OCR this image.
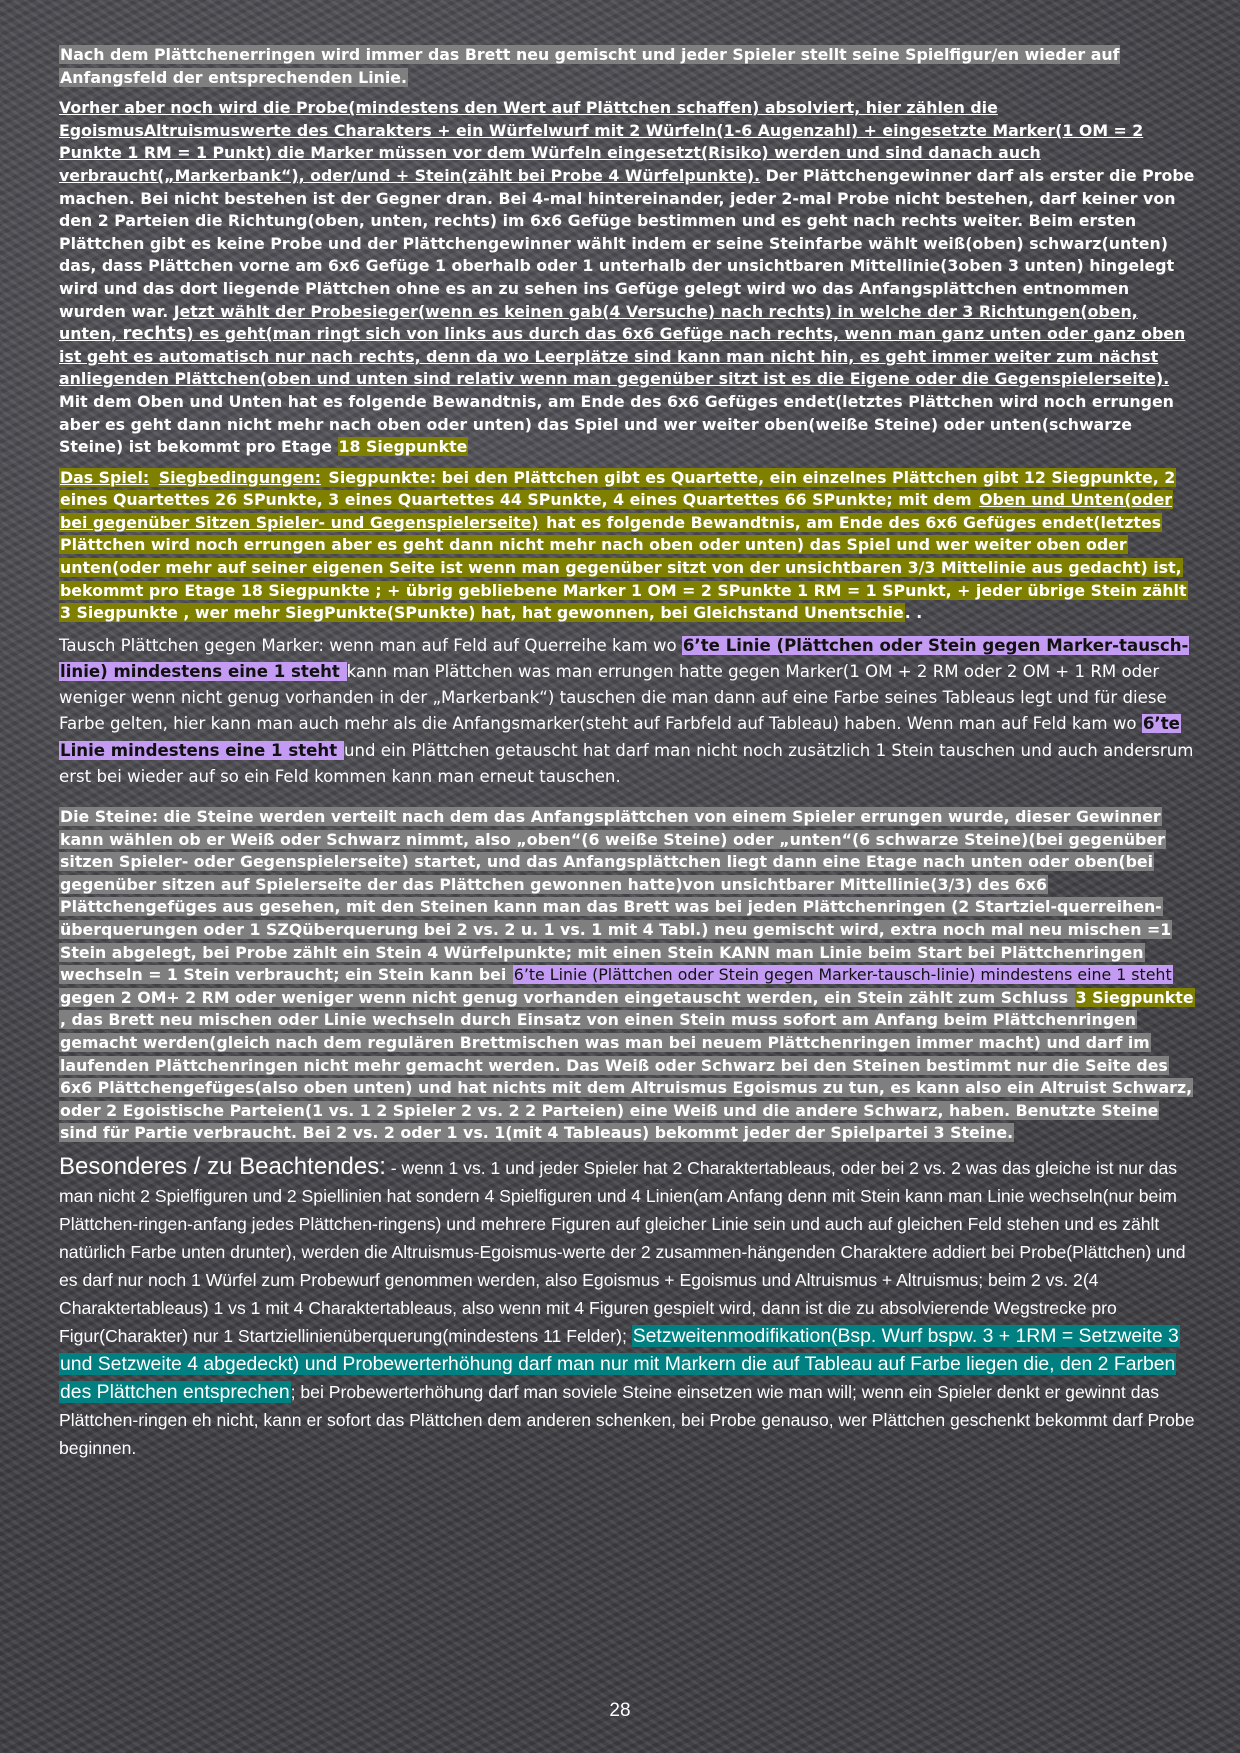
Nach dem Plättchenerringen wird immer das Brett neu gemischt und jeder Spieler stellt seine Spielfigur/en wieder auf Anfangsfeld der entsprechenden Linie.

Vorher aber noch wird die Probe(mindestens den Wert auf Plättchen schaffen) absolviert, hier zählen die EgoismusAltruismuswerte des Charakters + ein Würfelwurf mit 2 Würfeln(1-6 Augenzahl) + eingesetzte Marker(1 OM = 2 Punkte 1 RM = 1 Punkt) die Marker müssen vor dem Würfeln eingesetzt(Risiko) werden und sind danach auch verbraucht(„Markerbank“), oder/und + Stein(zählt bei Probe 4 Würfelpunkte). Der Plättchengewinner darf als erster die Probe machen. Bei nicht bestehen ist der Gegner dran. Bei 4-mal hintereinander, jeder 2-mal Probe nicht bestehen, darf keiner von den 2 Parteien die Richtung(oben, unten, rechts) im 6x6 Gefüge bestimmen und es geht nach rechts weiter. Beim ersten Plättchen gibt es keine Probe und der Plättchengewinner wählt indem er seine Steinfarbe wählt weiß(oben) schwarz(unten) das, dass Plättchen vorne am 6x6 Gefüge 1 oberhalb oder 1 unterhalb der unsichtbaren Mittellinie(3oben 3 unten) hingelegt wird und das dort liegende Plättchen ohne es an zu sehen ins Gefüge gelegt wird wo das Anfangsplättchen entnommen wurden war. Jetzt wählt der Probesieger(wenn es keinen gab(4 Versuche) nach rechts) in welche der 3 Richtungen(oben, unten, rechts) es geht(man ringt sich von links aus durch das 6x6 Gefüge nach rechts, wenn man ganz unten oder ganz oben ist geht es automatisch nur nach rechts, denn da wo Leerplätze sind kann man nicht hin, es geht immer weiter zum nächst anliegenden Plättchen(oben und unten sind relativ wenn man gegenüber sitzt ist es die Eigene oder die Gegenspielerseite). Mit dem Oben und Unten hat es folgende Bewandtnis, am Ende des 6x6 Gefüges endet(letztes Plättchen wird noch errungen aber es geht dann nicht mehr nach oben oder unten) das Spiel und wer weiter oben(weiße Steine) oder unten(schwarze Steine) ist bekommt pro Etage 18 Siegpunkte

Das Spiel: Siegbedingungen: Siegpunkte: bei den Plättchen gibt es Quartette, ein einzelnes Plättchen gibt 12 Siegpunkte, 2 eines Quartettes 26 SPunkte, 3 eines Quartettes 44 SPunkte, 4 eines Quartettes 66 SPunkte; mit dem Oben und Unten(oder bei gegenüber Sitzen Spieler- und Gegenspielerseite) hat es folgende Bewandtnis, am Ende des 6x6 Gefüges endet(letztes Plättchen wird noch errungen aber es geht dann nicht mehr nach oben oder unten) das Spiel und wer weiter oben oder unten(oder mehr auf seiner eigenen Seite ist wenn man gegenüber sitzt von der unsichtbaren 3/3 Mittelinie aus gedacht) ist, bekommt pro Etage 18 Siegpunkte ; + übrig gebliebene Marker 1 OM = 2 SPunkte 1 RM = 1 SPunkt, + jeder übrige Stein zählt 3 Siegpunkte , wer mehr SiegPunkte(SPunkte) hat, hat gewonnen, bei Gleichstand Unentschie. .

Tausch Plättchen gegen Marker: wenn man auf Feld auf Querreihe kam wo 6’te Linie (Plättchen oder Stein gegen Marker-tausch-linie) mindestens eine 1 steht kann man Plättchen was man errungen hatte gegen Marker(1 OM + 2 RM oder 2 OM + 1 RM oder weniger wenn nicht genug vorhanden in der „Markerbank“) tauschen die man dann auf eine Farbe seines Tableaus legt und für diese Farbe gelten, hier kann man auch mehr als die Anfangsmarker(steht auf Farbfeld auf Tableau) haben. Wenn man auf Feld kam wo 6’te Linie mindestens eine 1 steht und ein Plättchen getauscht hat darf man nicht noch zusätzlich 1 Stein tauschen und auch andersrum erst bei wieder auf so ein Feld kommen kann man erneut tauschen.

Die Steine: die Steine werden verteilt nach dem das Anfangsplättchen von einem Spieler errungen wurde, dieser Gewinner kann wählen ob er Weiß oder Schwarz nimmt, also „oben“(6 weiße Steine) oder „unten“(6 schwarze Steine)(bei gegenüber sitzen Spieler- oder Gegenspielerseite) startet, und das Anfangsplättchen liegt dann eine Etage nach unten oder oben(bei gegenüber sitzen auf Spielerseite der das Plättchen gewonnen hatte)von unsichtbarer Mittellinie(3/3) des 6x6 Plättchengefüges aus gesehen, mit den Steinen kann man das Brett was bei jeden Plättchenringen (2 Startziel-querreihen-überquerungen oder 1 SZQüberquerung bei 2 vs. 2 u. 1 vs. 1 mit 4 Tabl.) neu gemischt wird, extra noch mal neu mischen =1 Stein abgelegt, bei Probe zählt ein Stein 4 Würfelpunkte; mit einen Stein KANN man Linie beim Start bei Plättchenringen wechseln = 1 Stein verbraucht; ein Stein kann bei 6’te Linie (Plättchen oder Stein gegen Marker-tausch-linie) mindestens eine 1 steht gegen 2 OM+ 2 RM oder weniger wenn nicht genug vorhanden eingetauscht werden, ein Stein zählt zum Schluss 3 Siegpunkte , das Brett neu mischen oder Linie wechseln durch Einsatz von einen Stein muss sofort am Anfang beim Plättchenringen gemacht werden(gleich nach dem regulären Brettmischen was man bei neuem Plättchenringen immer macht) und darf im laufenden Plättchenringen nicht mehr gemacht werden. Das Weiß oder Schwarz bei den Steinen bestimmt nur die Seite des 6x6 Plättchengefüges(also oben unten) und hat nichts mit dem Altruismus Egoismus zu tun, es kann also ein Altruist Schwarz, oder 2 Egoistische Parteien(1 vs. 1 2 Spieler 2 vs. 2 2 Parteien) eine Weiß und die andere Schwarz, haben. Benutzte Steine sind für Partie verbraucht. Bei 2 vs. 2 oder 1 vs. 1(mit 4 Tableaus) bekommt jeder der Spielpartei 3 Steine.

Besonderes / zu Beachtendes: - wenn 1 vs. 1 und jeder Spieler hat 2 Charaktertableaus, oder bei 2 vs. 2 was das gleiche ist nur das man nicht 2 Spielfiguren und 2 Spiellinien hat sondern 4 Spielfiguren und 4 Linien(am Anfang denn mit Stein kann man Linie wechseln(nur beim Plättchen-ringen-anfang jedes Plättchen-ringens) und mehrere Figuren auf gleicher Linie sein und auch auf gleichen Feld stehen und es zählt natürlich Farbe unten drunter), werden die Altruismus-Egoismus-werte der 2 zusammen-hängenden Charaktere addiert bei Probe(Plättchen) und es darf nur noch 1 Würfel zum Probewurf genommen werden, also Egoismus + Egoismus und Altruismus + Altruismus; beim 2 vs. 2(4 Charaktertableaus) 1 vs 1 mit 4 Charaktertableaus, also wenn mit 4 Figuren gespielt wird, dann ist die zu absolvierende Wegstrecke pro Figur(Charakter) nur 1 Startziellinienüberquerung(mindestens 11 Felder); Setzweitenmodifikation(Bsp. Wurf bspw. 3 + 1RM = Setzweite 3 und Setzweite 4 abgedeckt) und Probewerterhöhung darf man nur mit Markern die auf Tableau auf Farbe liegen die, den 2 Farben des Plättchen entsprechen; bei Probewerterhöhung darf man soviele Steine einsetzen wie man will; wenn ein Spieler denkt er gewinnt das Plättchen-ringen eh nicht, kann er sofort das Plättchen dem anderen schenken, bei Probe genauso, wer Plättchen geschenkt bekommt darf Probe beginnen.

28
